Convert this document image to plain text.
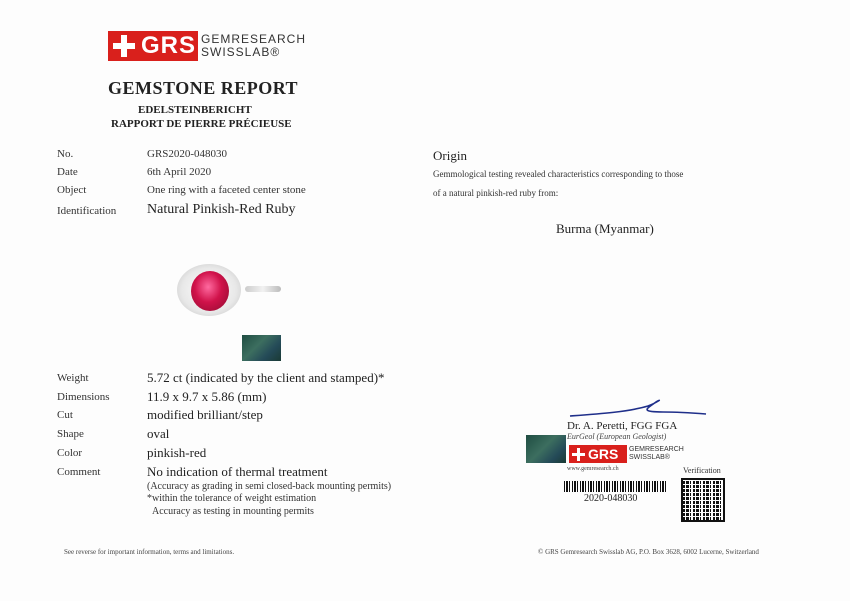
GRS GEMRESEARCH
SWISSLAB®
GEMSTONE REPORT
EDELSTEINBERICHT
RAPPORT DE PIERRE PRÉCIEUSE
No.	GRS2020-048030
Date	6th April 2020
Object	One ring with a faceted center stone
Identification Natural Pinkish-Red Ruby
Origin
Gemmological testing revealed characteristics corresponding to those
of a natural pinkish-red ruby from:
Burma (Myanmar)
Weight	5.72 ct (indicated by the client and stamped)*
Dimensions	11.9 x 9.7 x 5.86 (mm)
Cut	modified brilliant/step
Shape	oval
Color	pinkish-red
Comment	No indication of thermal treatment
(Accuracy as grading in semi closed-back mounting permits)
*within the tolerance of weight estimation
Accuracy as testing in mounting permits
Dr. A. Peretti, FGG FGA
EurGeol (European Geologist)
GRS GEMRESEARCH
SWISSLAB®
www.gemresearch.ch	Verification
2020-048030
See reverse for important information, terms and limitations.	© GRS Gemresearch Swisslab AG, P.O. Box 3628, 6002 Lucerne, Switzerland
